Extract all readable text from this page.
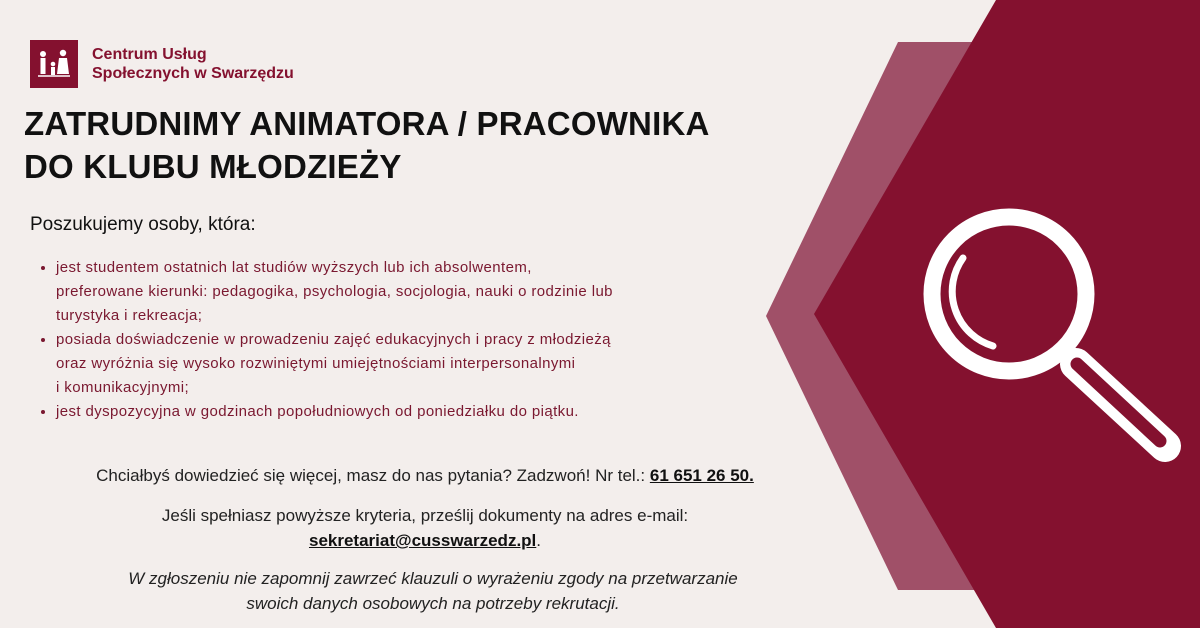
Centrum Usług
Społecznych w Swarzędzu
ZATRUDNIMY ANIMATORA / PRACOWNIKA
DO KLUBU MŁODZIEŻY
Poszukujemy osoby, która:
• jest studentem ostatnich lat studiów wyższych lub ich absolwentem,
preferowane kierunki: pedagogika, psychologia, socjologia, nauki o rodzinie lub
turystyka i rekreacja;
• posiada doświadczenie w prowadzeniu zajęć edukacyjnych i pracy z młodzieżą
oraz wyróżnia się wysoko rozwiniętymi umiejętnościami interpersonalnymi
i komunikacyjnymi;
• jest dyspozycyjna w godzinach popołudniowych od poniedziałku do piątku.
Chciałbyś dowiedzieć się więcej, masz do nas pytania? Zadzwoń! Nr tel.: 61 651 26 50.
Jeśli spełniasz powyższe kryteria, prześlij dokumenty na adres e-mail:
sekretariat@cusswarzedz.pl.
W zgłoszeniu nie zapomnij zawrzeć klauzuli o wyrażeniu zgody na przetwarzanie
swoich danych osobowych na potrzeby rekrutacji.
